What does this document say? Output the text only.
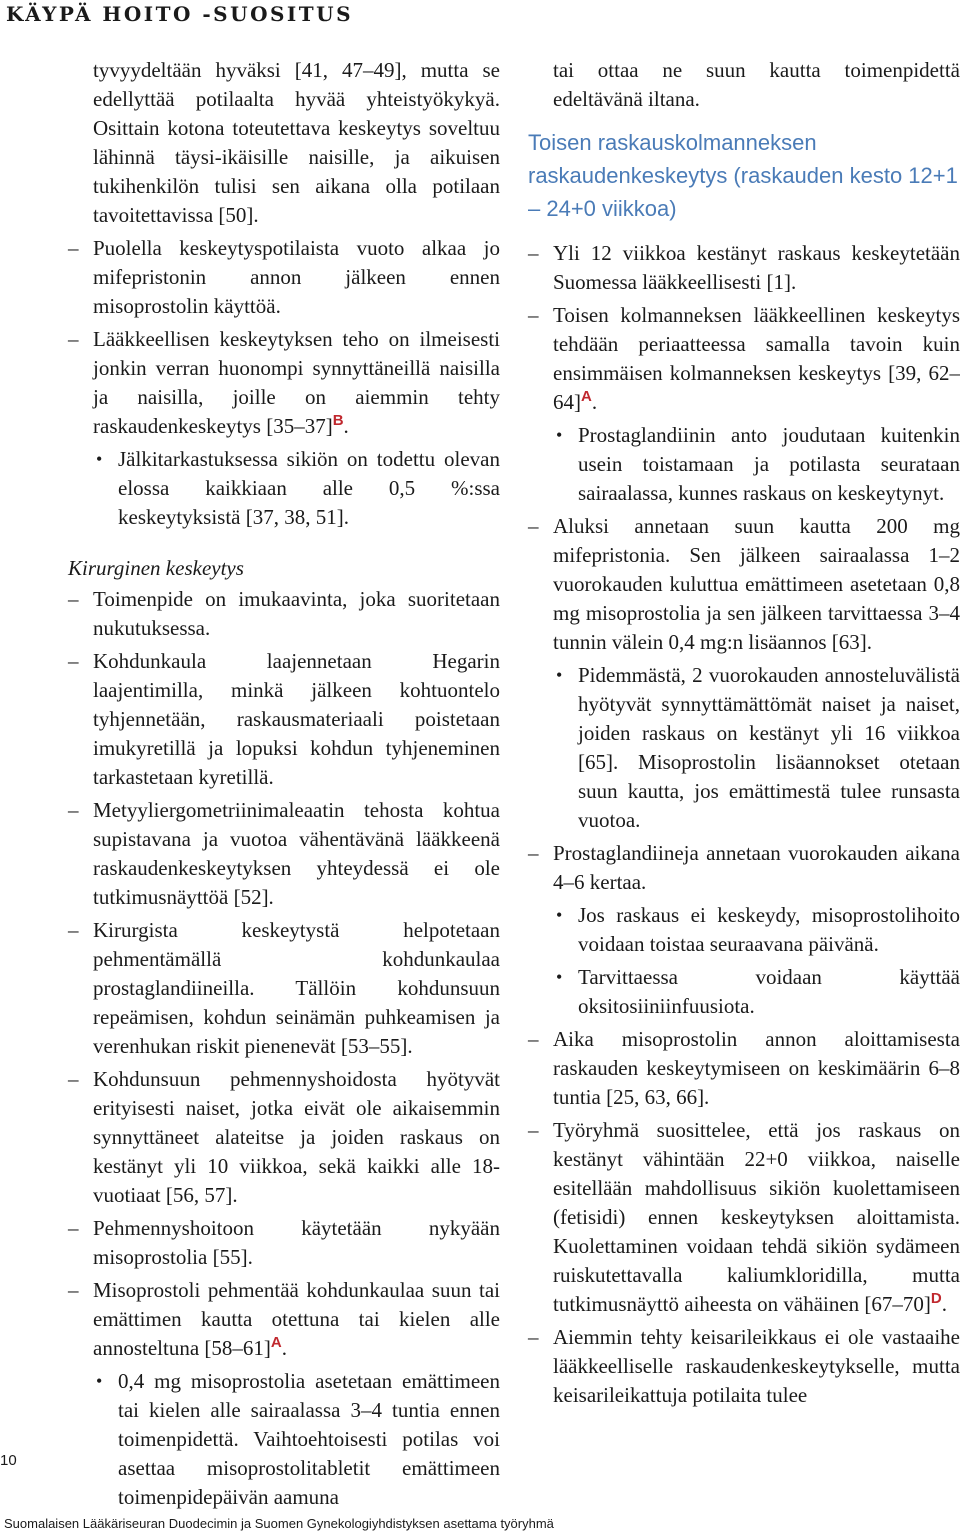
KÄYPÄ HOITO -SUOSITUS

tyvyydeltään hyväksi [41, 47–49], mutta se edellyttää potilaalta hyvää yhteistyökykyä. Osittain kotona toteutettava keskeytys soveltuu lähinnä täysi-ikäisille naisille, ja aikuisen tukihenkilön tulisi sen aikana olla potilaan tavoitettavissa [50].

– Puolella keskeytyspotilaista vuoto alkaa jo mifepristonin annon jälkeen ennen misoprostolin käyttöä.
– Lääkkeellisen keskeytyksen teho on ilmeisesti jonkin verran huonompi synnyttäneillä naisilla ja naisilla, joille on aiemmin tehty raskaudenkeskeytys $[35-37]^B$.
• Jälkitarkastuksessa sikiön on todettu olevan elossa kaikkiaan alle 0,5 %:ssa keskeytyksistä [37, 38, 51].
Kirurginen keskeytys
– Toimenpide on imukaavinta, joka suoritetaan nukutuksessa.
– Kohdunkaula laajennetaan Hegarin laajentimilla, minkä jälkeen kohtuontelo tyhjennetään, raskausmateriaali poistetaan imukyretillä ja lopuksi kohdun tyhjeneminen tarkastetaan kyretillä.
– Metyyliergometriinimaleaatin tehosta kohtua supistavana ja vuotoa vähentävänä lääkkeenä raskaudenkeskeytyksen yhteydessä ei ole tutkimusnäyttöä [52].
– Kirurgista keskeytystä helpotetaan pehmentämällä kohdunkaulaa prostaglandiineilla. Tällöin kohdunsuun repeämisen, kohdun seinämän puhkeamisen ja verenhukan riskit pienenevät [53–55].
– Kohdunsuun pehmennyshoidosta hyötyvät erityisesti naiset, jotka eivät ole aikaisemmin synnyttäneet alateitse ja joiden raskaus on kestänyt yli 10 viikkoa, sekä kaikki alle 18-vuotiaat [56, 57].
– Pehmennyshoitoon käytetään nykyään misoprostolia [55].
– Misoprostoli pehmentää kohdunkaulaa suun tai emättimen kautta otettuna tai kielen alle annosteltuna $[58-61]^A$.
• 0,4 mg misoprostolia asetetaan emättimeen tai kielen alle sairaalassa 3–4 tuntia ennen toimenpidettä. Vaihtoehtoisesti potilas voi asettaa misoprostolitabletit emättimeen toimenpidepäivän aamuna

tai ottaa ne suun kautta toimenpidettä edeltävänä iltana.

Toisen raskauskolmanneksen raskaudenkeskeytys (raskauden kesto 12+1 – 24+0 viikkoa)
– Yli 12 viikkoa kestänyt raskaus keskeytetään Suomessa lääkkeellisesti [1].
– Toisen kolmanneksen lääkkeellinen keskeytys tehdään periaatteessa samalla tavoin kuin ensimmäisen kolmanneksen keskeytys [39, 62–64]$^A$.
• Prostaglandiinin anto joudutaan kuitenkin usein toistamaan ja potilasta seurataan sairaalassa, kunnes raskaus on keskeytynyt.
– Aluksi annetaan suun kautta 200 mg mifepristonia. Sen jälkeen sairaalassa 1–2 vuorokauden kuluttua emättimeen asetetaan 0,8 mg misoprostolia ja sen jälkeen tarvittaessa 3–4 tunnin välein 0,4 mg:n lisäannos [63].
• Pidemmästä, 2 vuorokauden annosteluvälistä hyötyvät synnyttämättömät naiset ja naiset, joiden raskaus on kestänyt yli 16 viikkoa [65]. Misoprostolin lisäannokset otetaan suun kautta, jos emättimestä tulee runsasta vuotoa.
– Prostaglandiineja annetaan vuorokauden aikana 4–6 kertaa.
• Jos raskaus ei keskeydy, misoprostolihoito voidaan toistaa seuraavana päivänä.
• Tarvittaessa voidaan käyttää oksitosiiniinfuusiota.
– Aika misoprostolin annon aloittamisesta raskauden keskeytymiseen on keskimäärin 6–8 tuntia [25, 63, 66].
– Työryhmä suosittelee, että jos raskaus on kestänyt vähintään 22+0 viikkoa, naiselle esitellään mahdollisuus sikiön kuolettamiseen (fetisidi) ennen keskeytyksen aloittamista. Kuolettaminen voidaan tehdä sikiön sydämeen ruiskutettavalla kaliumkloridilla, mutta tutkimusnäyttö aiheesta on vähäinen $[67-70]^D$.
– Aiemmin tehty keisarileikkaus ei ole vastaaihe lääkkeelliselle raskaudenkeskeytykselle, mutta keisarileikattuja potilaita tulee
10
Suomalaisen Lääkäriseuran Duodecimin ja Suomen Gynekologiyhdistyksen asettama työryhmä
